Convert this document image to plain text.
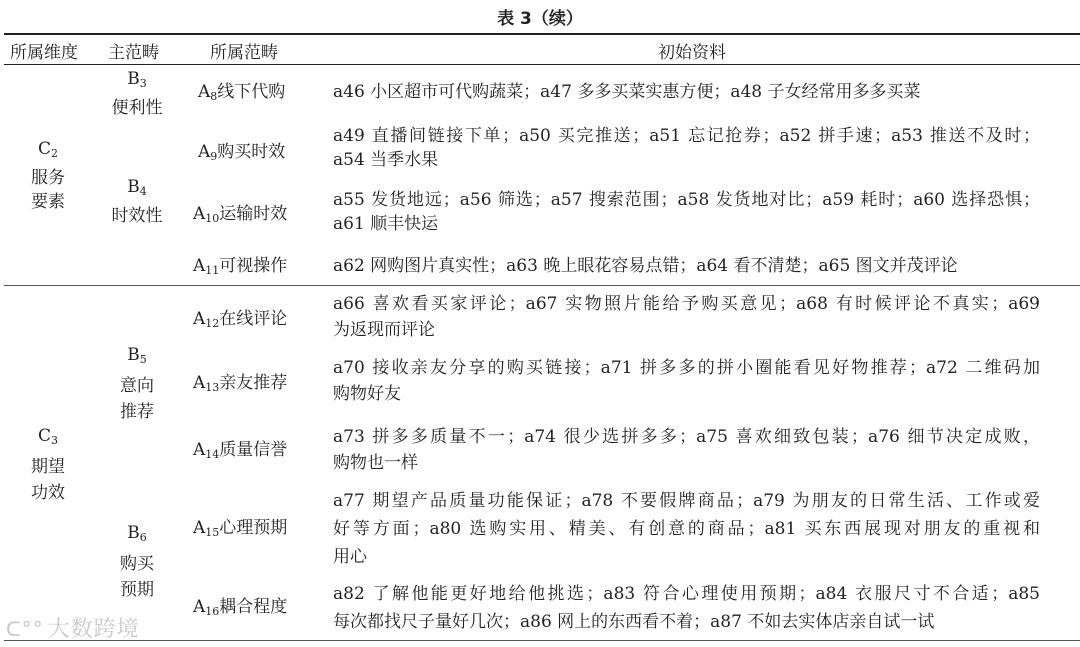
表 3（续）
所属维度 主范畴	所属范畴	初始资料
$C_2$
服务
要素
$C_3$
期望
功效
$B_3$
便利性
$B_4$
时效性
$B_5$
意向
推荐
$B_6$
购买
预期
$A_8$线下代购
$A_9$购买时效
$A_{10}$运输时效
$A_{11}$可视操作
$A_{12}$在线评论
$A_{13}$亲友推荐
$A_{14}$质量信誉
$A_{15}$心理预期
$A_{16}$耦合程度
a46 小区超市可代购蔬菜；a47 多多买菜实惠方便；a48 子女经常用多多买菜
a49 直播间链接下单；a50 买完推送；a51 忘记抢券；a52 拼手速；a53 推送不及时；
a54 当季水果
a55 发货地远；a56 筛选；a57 搜索范围；a58 发货地对比；a59 耗时；a60 选择恐惧；
a61 顺丰快运
a62 网购图片真实性；a63 晚上眼花容易点错；a64 看不清楚；a65 图文并茂评论
a66 喜欢看买家评论；a67 实物照片能给予购买意见；a68 有时候评论不真实；a69
为返现而评论
a70 接收亲友分享的购买链接；a71 拼多多的拼小圈能看见好物推荐；a72 二维码加
购物好友
a73 拼多多质量不一；a74 很少选拼多多；a75 喜欢细致包装；a76 细节决定成败，
购物也一样
a77 期望产品质量功能保证；a78 不要假牌商品；a79 为朋友的日常生活、工作或爱
好等方面；a80 选购实用、精美、有创意的商品；a81 买东西展现对朋友的重视和
用心
a82 了解他能更好地给他挑选；a83 符合心理使用预期；a84 衣服尺寸不合适；a85
每次都找尺子量好几次；a86 网上的东西看不着；a87 不如去实体店亲自试一试
ᑕ°° 大数跨境
